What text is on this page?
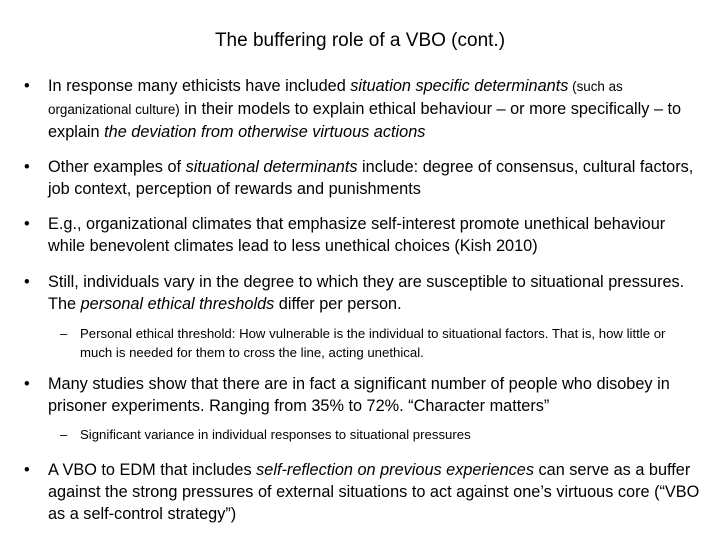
The buffering role of a VBO (cont.)
• In response many ethicists have included situation specific determinants (such as organizational culture) in their models to explain ethical behaviour – or more specifically – to explain the deviation from otherwise virtuous actions
• Other examples of situational determinants include: degree of consensus, cultural factors, job context, perception of rewards and punishments
• E.g., organizational climates that emphasize self-interest promote unethical behaviour while benevolent climates lead to less unethical choices (Kish 2010)
• Still, individuals vary in the degree to which they are susceptible to situational pressures. The personal ethical thresholds differ per person.
– Personal ethical threshold: How vulnerable is the individual to situational factors. That is, how little or much is needed for them to cross the line, acting unethical.
• Many studies show that there are in fact a significant number of people who disobey in prisoner experiments. Ranging from 35% to 72%. “Character matters”
– Significant variance in individual responses to situational pressures
• A VBO to EDM that includes self-reflection on previous experiences can serve as a buffer against the strong pressures of external situations to act against one’s virtuous core (“VBO as a self-control strategy”)
